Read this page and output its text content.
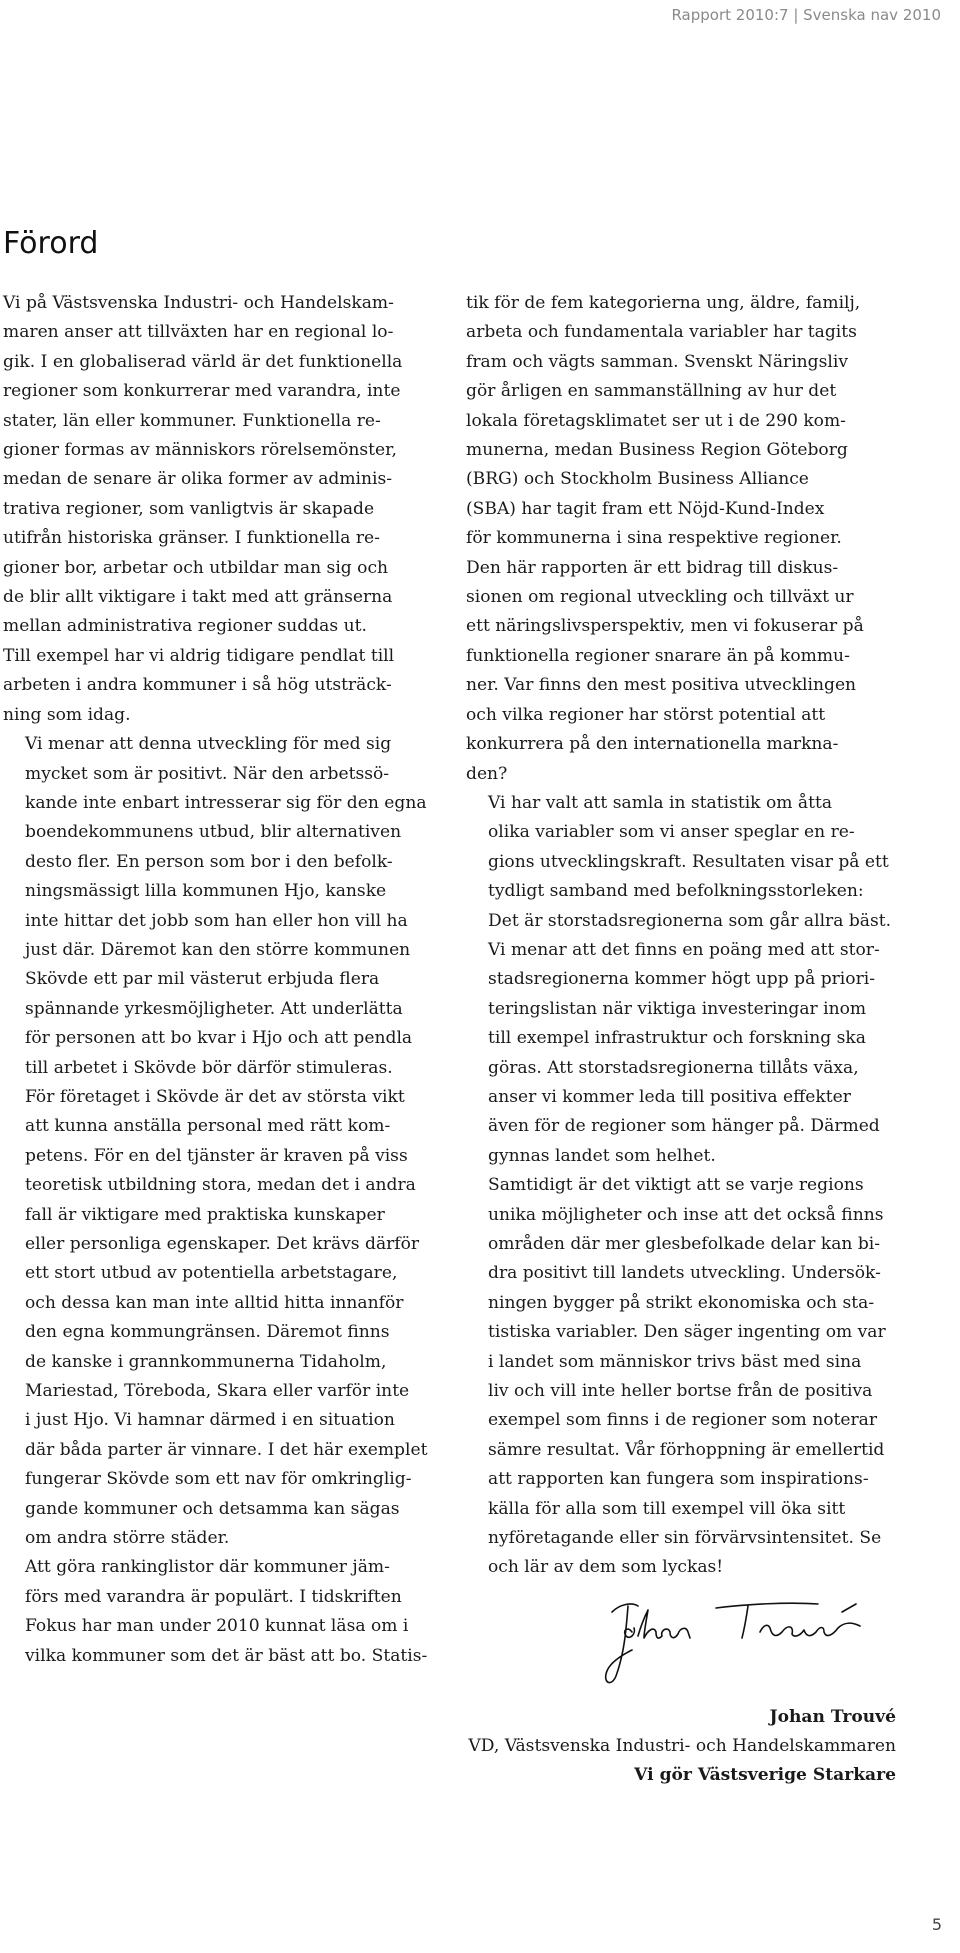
Rapport 2010:7 | Svenska nav 2010
Förord

Vi på Västsvenska Industri- och Handelskam-
maren anser att tillväxten har en regional lo-
gik. I en globaliserad värld är det funktionella
regioner som konkurrerar med varandra, inte
stater, län eller kommuner. Funktionella re-
gioner formas av människors rörelsemönster,
medan de senare är olika former av adminis-
trativa regioner, som vanligtvis är skapade
utifrån historiska gränser. I funktionella re-
gioner bor, arbetar och utbildar man sig och
de blir allt viktigare i takt med att gränserna
mellan administrativa regioner suddas ut.
Till exempel har vi aldrig tidigare pendlat till
arbeten i andra kommuner i så hög utsträck-
ning som idag.

Vi menar att denna utveckling för med sig
mycket som är positivt. När den arbetssö-
kande inte enbart intresserar sig för den egna
boendekommunens utbud, blir alternativen
desto fler. En person som bor i den befolk-
ningsmässigt lilla kommunen Hjo, kanske
inte hittar det jobb som han eller hon vill ha
just där. Däremot kan den större kommunen
Skövde ett par mil västerut erbjuda flera
spännande yrkesmöjligheter. Att underlätta
för personen att bo kvar i Hjo och att pendla
till arbetet i Skövde bör därför stimuleras.

För företaget i Skövde är det av största vikt
att kunna anställa personal med rätt kom-
petens. För en del tjänster är kraven på viss
teoretisk utbildning stora, medan det i andra
fall är viktigare med praktiska kunskaper
eller personliga egenskaper. Det krävs därför
ett stort utbud av potentiella arbetstagare,
och dessa kan man inte alltid hitta innanför
den egna kommungränsen. Däremot finns
de kanske i grannkommunerna Tidaholm,
Mariestad, Töreboda, Skara eller varför inte
i just Hjo. Vi hamnar därmed i en situation
där båda parter är vinnare. I det här exemplet
fungerar Skövde som ett nav för omkringlig-
gande kommuner och detsamma kan sägas
om andra större städer.

Att göra rankinglistor där kommuner jäm-
förs med varandra är populärt. I tidskriften
Fokus har man under 2010 kunnat läsa om i
vilka kommuner som det är bäst att bo. Statis-

tik för de fem kategorierna ung, äldre, familj,
arbeta och fundamentala variabler har tagits
fram och vägts samman. Svenskt Näringsliv
gör årligen en sammanställning av hur det
lokala företagsklimatet ser ut i de 290 kom-
munerna, medan Business Region Göteborg
(BRG) och Stockholm Business Alliance
(SBA) har tagit fram ett Nöjd-Kund-Index
för kommunerna i sina respektive regioner.
Den här rapporten är ett bidrag till diskus-
sionen om regional utveckling och tillväxt ur
ett näringslivsperspektiv, men vi fokuserar på
funktionella regioner snarare än på kommu-
ner. Var finns den mest positiva utvecklingen
och vilka regioner har störst potential att
konkurrera på den internationella markna-
den?

Vi har valt att samla in statistik om åtta
olika variabler som vi anser speglar en re-
gions utvecklingskraft. Resultaten visar på ett
tydligt samband med befolkningsstorleken:
Det är storstadsregionerna som går allra bäst.
Vi menar att det finns en poäng med att stor-
stadsregionerna kommer högt upp på priori-
teringslistan när viktiga investeringar inom
till exempel infrastruktur och forskning ska
göras. Att storstadsregionerna tillåts växa,
anser vi kommer leda till positiva effekter
även för de regioner som hänger på. Därmed
gynnas landet som helhet.

Samtidigt är det viktigt att se varje regions
unika möjligheter och inse att det också finns
områden där mer glesbefolkade delar kan bi-
dra positivt till landets utveckling. Undersök-
ningen bygger på strikt ekonomiska och sta-
tistiska variabler. Den säger ingenting om var
i landet som människor trivs bäst med sina
liv och vill inte heller bortse från de positiva
exempel som finns i de regioner som noterar
sämre resultat. Vår förhoppning är emellertid
att rapporten kan fungera som inspirations-
källa för alla som till exempel vill öka sitt
nyföretagande eller sin förvärvsintensitet. Se
och lär av dem som lyckas!

Johan Trouvé
VD, Västsvenska Industri- och Handelskammaren
Vi gör Västsverige Starkare
5
